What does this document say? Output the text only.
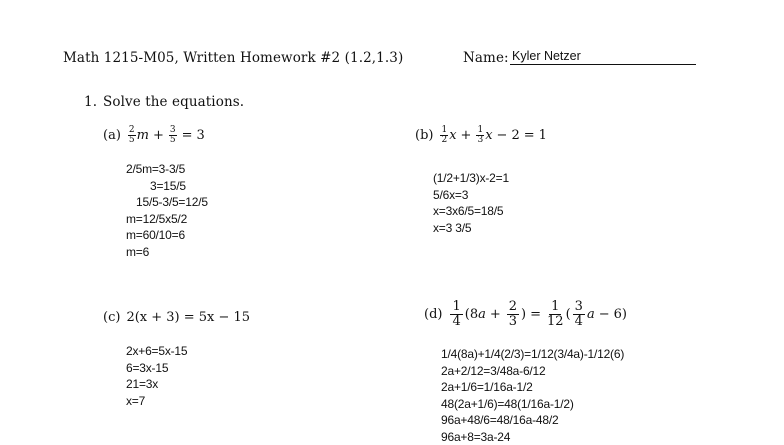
Math 1215-M05, Written Homework #2 (1.2,1.3)	Name: Kyler Netzer
1. Solve the equations.
$(a) \frac{2}{5}$ $m + \frac{3}{5} = 3$
2/5m=3-3/5
3=15/5
15/5-3/5=12/5
m=12/5x5/2
m=60/10=6
m=6
$(b) \frac{1}{2}$ $x + \frac{1}{3}$ x − 2 = 1
(1/2+1/3)x-2=1
5/6x=3
x=3x6/5=18/5
x=3 3/5
(c) 2(x + 3) = 5x − 15
2x+6=5x-15
6=3x-15
21=3x
x=7
$(d) \frac{1}{4} (8$ $a + \frac{2}{3}$ ) = $\frac{1}{12}$ ( $\frac{3}{4}$ a − 6)
1/4(8a)+1/4(2/3)=1/12(3/4a)-1/12(6)
2a+2/12=3/48a-6/12
2a+1/6=1/16a-1/2
48(2a+1/6)=48(1/16a-1/2)
96a+48/6=48/16a-48/2
96a+8=3a-24
